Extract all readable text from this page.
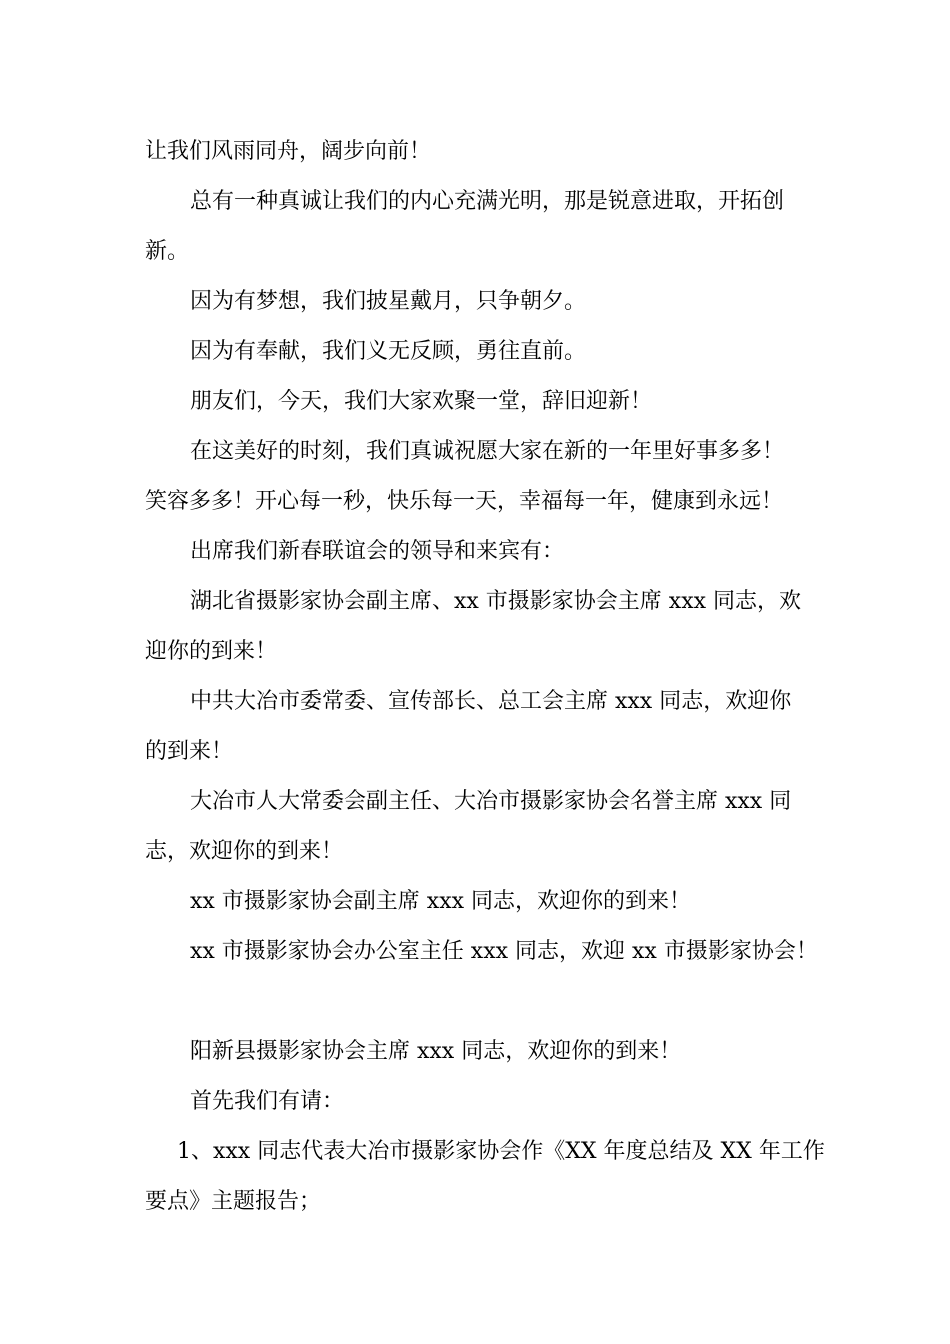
让我们风雨同舟，阔步向前！
总有一种真诚让我们的内心充满光明，那是锐意进取，开拓创
新。
因为有梦想，我们披星戴月，只争朝夕。
因为有奉献，我们义无反顾，勇往直前。
朋友们，今天，我们大家欢聚一堂，辞旧迎新！
在这美好的时刻，我们真诚祝愿大家在新的一年里好事多多！
笑容多多！开心每一秒，快乐每一天，幸福每一年，健康到永远！
出席我们新春联谊会的领导和来宾有：
湖北省摄影家协会副主席、xx 市摄影家协会主席 xxx 同志，欢
迎你的到来！
中共大冶市委常委、宣传部长、总工会主席 xxx 同志，欢迎你
的到来！
大冶市人大常委会副主任、大冶市摄影家协会名誉主席 xxx 同
志，欢迎你的到来！
xx 市摄影家协会副主席 xxx 同志，欢迎你的到来！
xx 市摄影家协会办公室主任 xxx 同志，欢迎 xx 市摄影家协会！
阳新县摄影家协会主席 xxx 同志，欢迎你的到来！
首先我们有请：
1、xxx 同志代表大冶市摄影家协会作《XX 年度总结及 XX 年工作
要点》主题报告；
